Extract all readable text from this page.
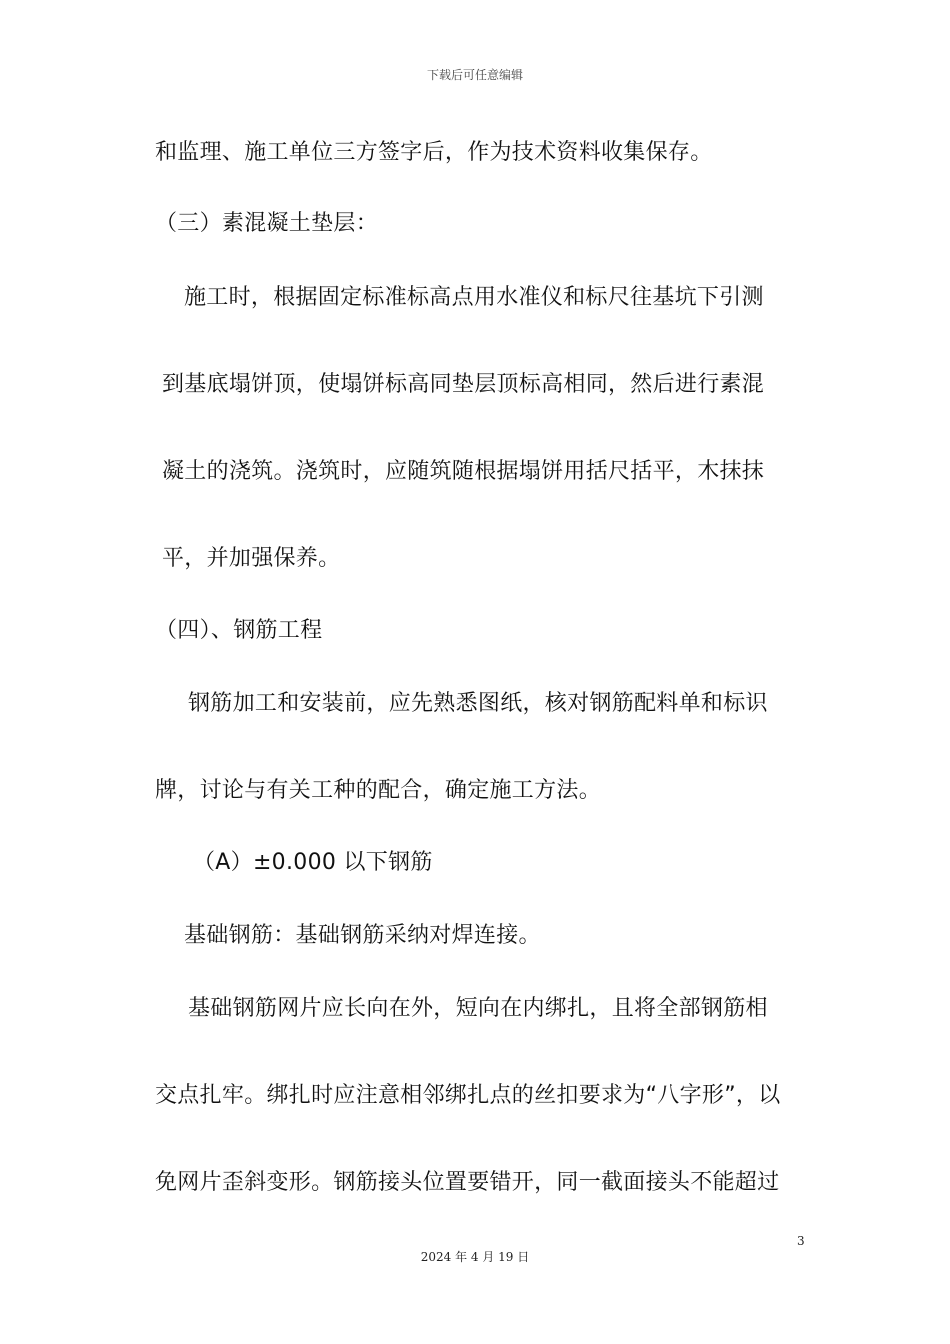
下载后可任意编辑
和监理、施工单位三方签字后，作为技术资料收集保存。
（三）素混凝土垫层：
施工时，根据固定标准标高点用水准仪和标尺往基坑下引测
到基底塌饼顶，使塌饼标高同垫层顶标高相同，然后进行素混
凝土的浇筑。浇筑时，应随筑随根据塌饼用括尺括平，木抹抹
平，并加强保养。
（四）、钢筋工程
钢筋加工和安装前，应先熟悉图纸，核对钢筋配料单和标识
牌，讨论与有关工种的配合，确定施工方法。
（A）±0.000 以下钢筋
基础钢筋：基础钢筋采纳对焊连接。
基础钢筋网片应长向在外，短向在内绑扎，且将全部钢筋相
交点扎牢。绑扎时应注意相邻绑扎点的丝扣要求为“八字形”，以
免网片歪斜变形。钢筋接头位置要错开，同一截面接头不能超过
3
2024 年 4 月 19 日
